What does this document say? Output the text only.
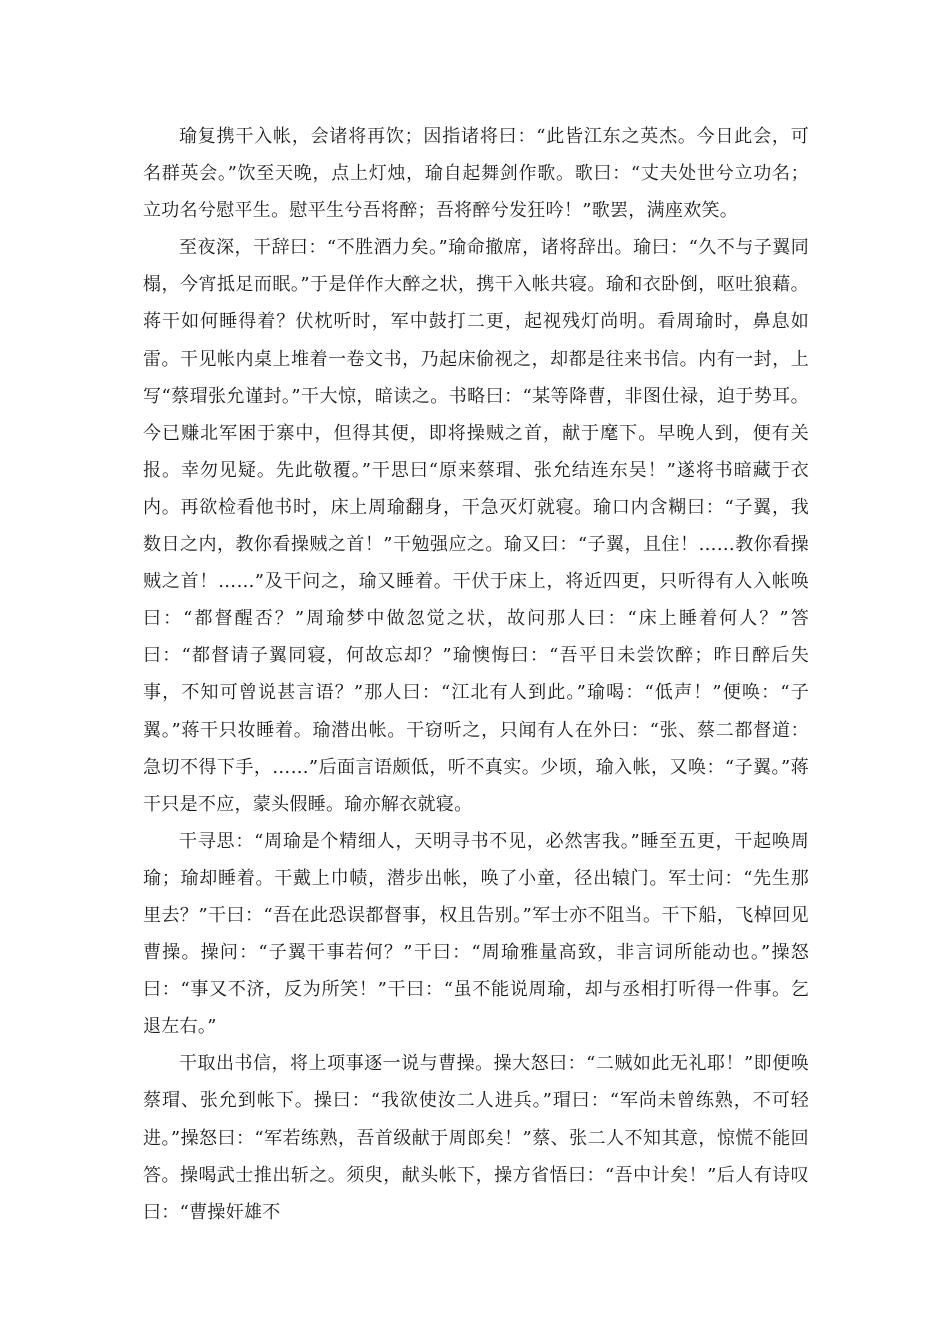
瑜复携干入帐，会诸将再饮；因指诸将曰：“此皆江东之英杰。今日此会，可名群英会。”饮至天晚，点上灯烛，瑜自起舞剑作歌。歌曰：“丈夫处世兮立功名；立功名兮慰平生。慰平生兮吾将醉；吾将醉兮发狂吟！”歌罢，满座欢笑。

至夜深，干辞曰：“不胜酒力矣。”瑜命撤席，诸将辞出。瑜曰：“久不与子翼同榻，今宵抵足而眠。”于是佯作大醉之状，携干入帐共寝。瑜和衣卧倒，呕吐狼藉。蒋干如何睡得着？伏枕听时，军中鼓打二更，起视残灯尚明。看周瑜时，鼻息如雷。干见帐内桌上堆着一卷文书，乃起床偷视之，却都是往来书信。内有一封，上写“蔡瑁张允谨封。”干大惊，暗读之。书略曰：“某等降曹，非图仕禄，迫于势耳。今已赚北军困于寨中，但得其便，即将操贼之首，献于麾下。早晚人到，便有关报。幸勿见疑。先此敬覆。”干思曰“原来蔡瑁、张允结连东吴！”遂将书暗藏于衣内。再欲检看他书时，床上周瑜翻身，干急灭灯就寝。瑜口内含糊曰：“子翼，我数日之内，教你看操贼之首！”干勉强应之。瑜又曰：“子翼，且住！……教你看操贼之首！……”及干问之，瑜又睡着。干伏于床上，将近四更，只听得有人入帐唤曰：“都督醒否？”周瑜梦中做忽觉之状，故问那人曰：“床上睡着何人？”答曰：“都督请子翼同寝，何故忘却？”瑜懊悔曰：“吾平日未尝饮醉；昨日醉后失事，不知可曾说甚言语？”那人曰：“江北有人到此。”瑜喝：“低声！”便唤：“子翼。”蒋干只妆睡着。瑜潜出帐。干窃听之，只闻有人在外曰：“张、蔡二都督道：急切不得下手，……”后面言语颇低，听不真实。少顷，瑜入帐，又唤：“子翼。”蒋干只是不应，蒙头假睡。瑜亦解衣就寝。

干寻思：“周瑜是个精细人，天明寻书不见，必然害我。”睡至五更，干起唤周瑜；瑜却睡着。干戴上巾帻，潜步出帐，唤了小童，径出辕门。军士问：“先生那里去？”干曰：“吾在此恐误都督事，权且告别。”军士亦不阻当。干下船，飞棹回见曹操。操问：“子翼干事若何？”干曰：“周瑜雅量高致，非言词所能动也。”操怒曰：“事又不济，反为所笑！”干曰：“虽不能说周瑜，却与丞相打听得一件事。乞退左右。”

干取出书信，将上项事逐一说与曹操。操大怒曰：“二贼如此无礼耶！”即便唤蔡瑁、张允到帐下。操曰：“我欲使汝二人进兵。”瑁曰：“军尚未曾练熟，不可轻进。”操怒曰：“军若练熟，吾首级献于周郎矣！”蔡、张二人不知其意，惊慌不能回答。操喝武士推出斩之。须臾，献头帐下，操方省悟曰：“吾中计矣！”后人有诗叹曰：“曹操奸雄不
